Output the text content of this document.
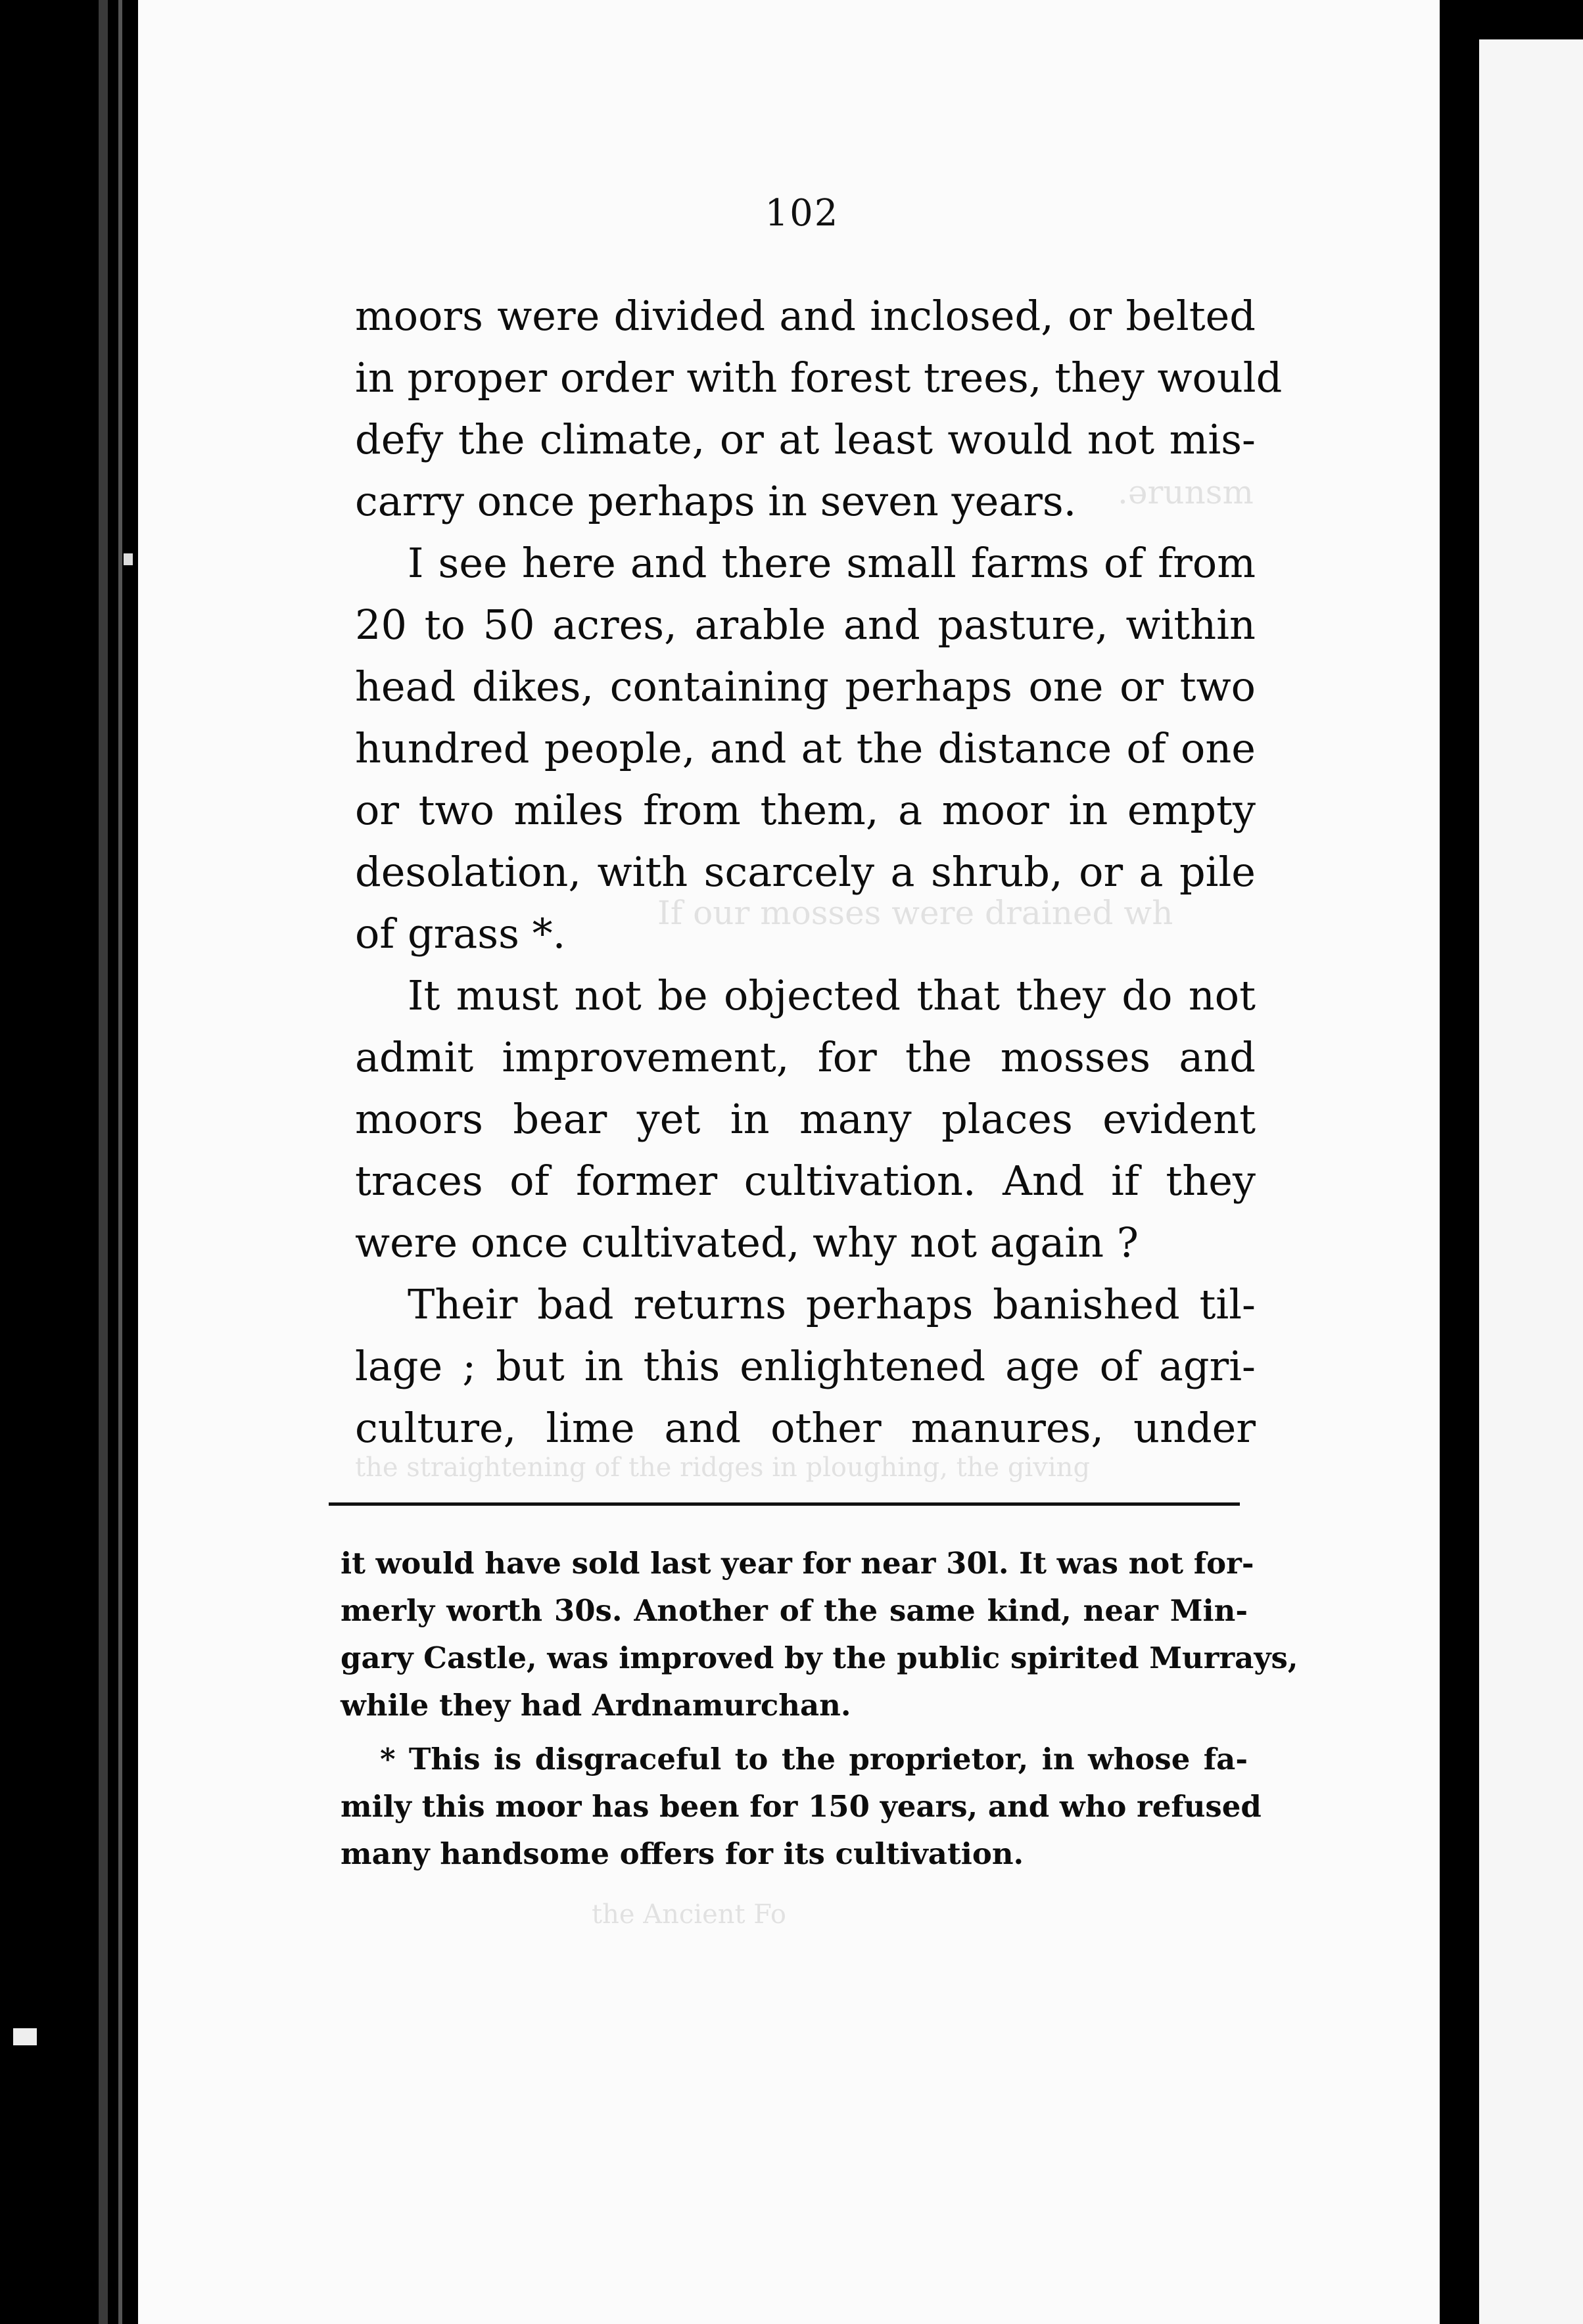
.ərunsm
If our mosses were drained wh
the straightening of the ridges in ploughing, the giving
the Ancient Fo
102
moors were divided and inclosed, or belted
in proper order with forest trees, they would
defy the climate, or at least would not mis-
carry once perhaps in seven years.
I see here and there small farms of from
20 to 50 acres, arable and pasture, within
head dikes, containing perhaps one or two
hundred people, and at the distance of one
or two miles from them, a moor in empty
desolation, with scarcely a shrub, or a pile
of grass *.
It must not be objected that they do not
admit improvement, for the mosses and
moors bear yet in many places evident
traces of former cultivation. And if they
were once cultivated, why not again ?
Their bad returns perhaps banished til-
lage ; but in this enlightened age of agri-
culture, lime and other manures, under
it would have sold last year for near 30l. It was not for-
merly worth 30s. Another of the same kind, near Min-
gary Castle, was improved by the public spirited Murrays,
while they had Ardnamurchan.
* This is disgraceful to the proprietor, in whose fa-
mily this moor has been for 150 years, and who refused
many handsome offers for its cultivation.
